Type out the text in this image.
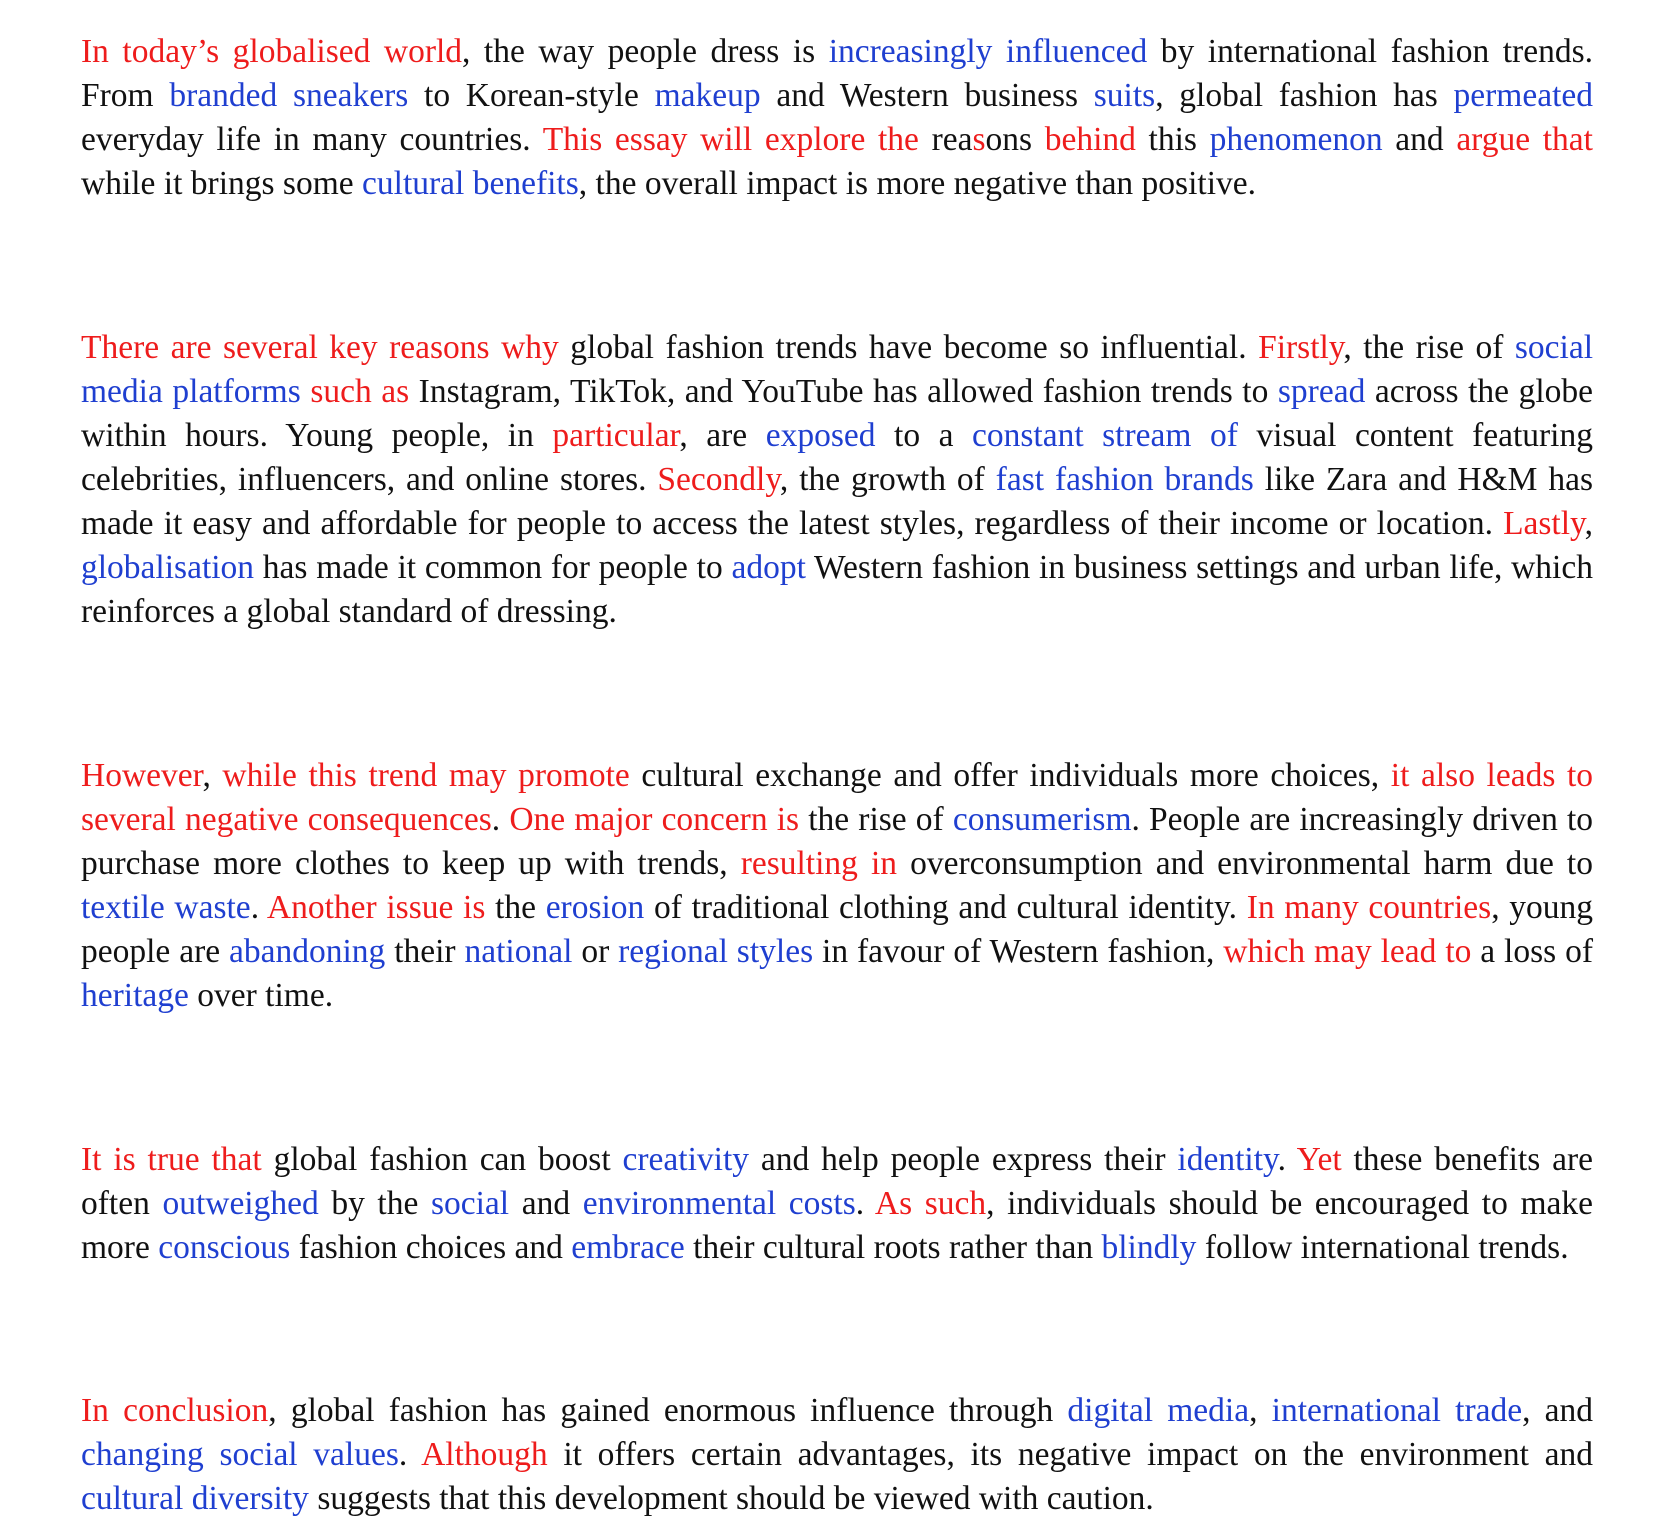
In today’s globalised world, the way people dress is increasingly influenced by international fashion trends. From branded sneakers to Korean-style makeup and Western business suits, global fashion has permeated everyday life in many countries. This essay will explore the reasons behind this phenomenon and argue that while it brings some cultural benefits, the overall impact is more negative than positive.

There are several key reasons why global fashion trends have become so influential. Firstly, the rise of social media platforms such as Instagram, TikTok, and YouTube has allowed fashion trends to spread across the globe within hours. Young people, in particular, are exposed to a constant stream of visual content featuring celebrities, influencers, and online stores. Secondly, the growth of fast fashion brands like Zara and H&M has made it easy and affordable for people to access the latest styles, regardless of their income or location. Lastly, globalisation has made it common for people to adopt Western fashion in business settings and urban life, which reinforces a global standard of dressing.

However, while this trend may promote cultural exchange and offer individuals more choices, it also leads to several negative consequences. One major concern is the rise of consumerism. People are increasingly driven to purchase more clothes to keep up with trends, resulting in overconsumption and environmental harm due to textile waste. Another issue is the erosion of traditional clothing and cultural identity. In many countries, young people are abandoning their national or regional styles in favour of Western fashion, which may lead to a loss of heritage over time.

It is true that global fashion can boost creativity and help people express their identity. Yet these benefits are often outweighed by the social and environmental costs. As such, individuals should be encouraged to make more conscious fashion choices and embrace their cultural roots rather than blindly follow international trends.

In conclusion, global fashion has gained enormous influence through digital media, international trade, and changing social values. Although it offers certain advantages, its negative impact on the environment and cultural diversity suggests that this development should be viewed with caution.
